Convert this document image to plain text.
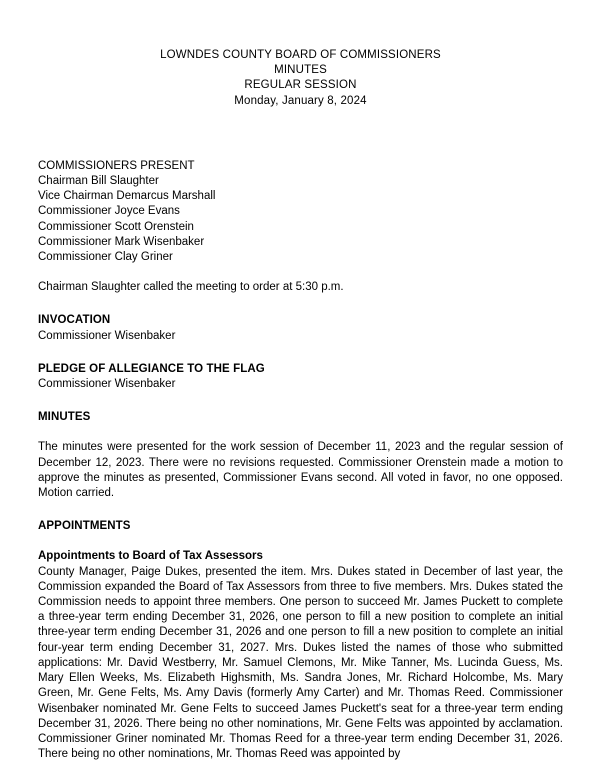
LOWNDES COUNTY BOARD OF COMMISSIONERS
MINUTES
REGULAR SESSION
Monday, January 8, 2024
COMMISSIONERS PRESENT
Chairman Bill Slaughter
Vice Chairman Demarcus Marshall
Commissioner Joyce Evans
Commissioner Scott Orenstein
Commissioner Mark Wisenbaker
Commissioner Clay Griner
Chairman Slaughter called the meeting to order at 5:30 p.m.
INVOCATION
Commissioner Wisenbaker
PLEDGE OF ALLEGIANCE TO THE FLAG
Commissioner Wisenbaker
MINUTES
The minutes were presented for the work session of December 11, 2023 and the regular session of December 12, 2023. There were no revisions requested. Commissioner Orenstein made a motion to approve the minutes as presented, Commissioner Evans second. All voted in favor, no one opposed. Motion carried.
APPOINTMENTS
Appointments to Board of Tax Assessors
County Manager, Paige Dukes, presented the item. Mrs. Dukes stated in December of last year, the Commission expanded the Board of Tax Assessors from three to five members. Mrs. Dukes stated the Commission needs to appoint three members. One person to succeed Mr. James Puckett to complete a three-year term ending December 31, 2026, one person to fill a new position to complete an initial three-year term ending December 31, 2026 and one person to fill a new position to complete an initial four-year term ending December 31, 2027. Mrs. Dukes listed the names of those who submitted applications: Mr. David Westberry, Mr. Samuel Clemons, Mr. Mike Tanner, Ms. Lucinda Guess, Ms. Mary Ellen Weeks, Ms. Elizabeth Highsmith, Ms. Sandra Jones, Mr. Richard Holcombe, Ms. Mary Green, Mr. Gene Felts, Ms. Amy Davis (formerly Amy Carter) and Mr. Thomas Reed. Commissioner Wisenbaker nominated Mr. Gene Felts to succeed James Puckett's seat for a three-year term ending December 31, 2026. There being no other nominations, Mr. Gene Felts was appointed by acclamation. Commissioner Griner nominated Mr. Thomas Reed for a three-year term ending December 31, 2026. There being no other nominations, Mr. Thomas Reed was appointed by
